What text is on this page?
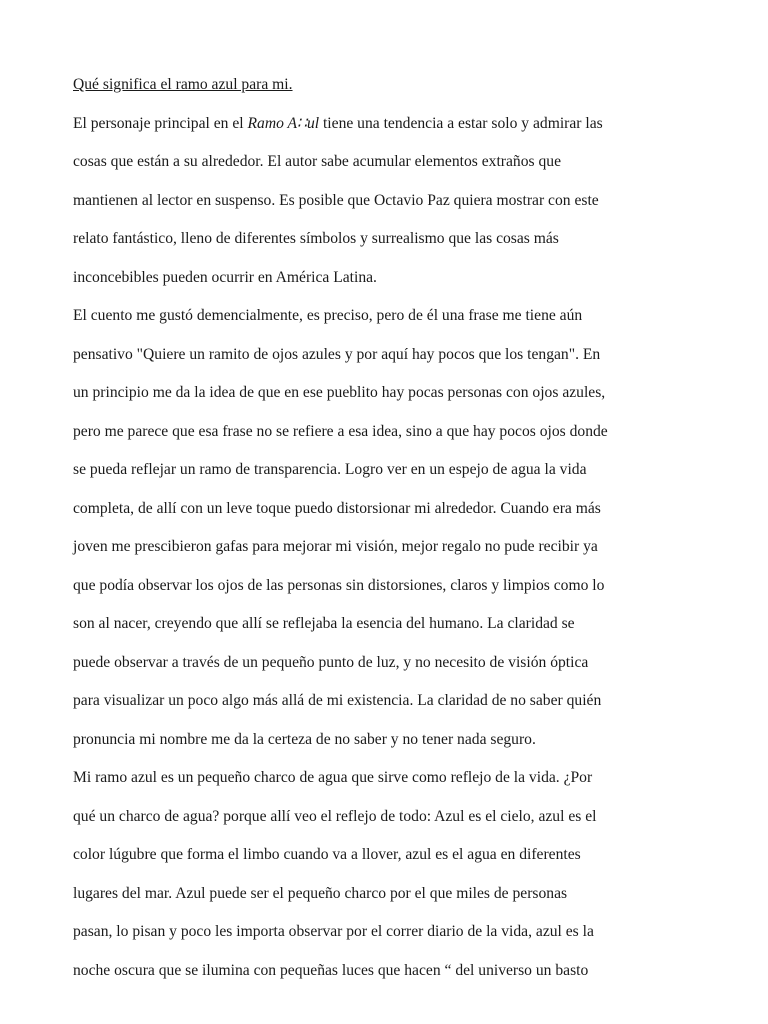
Qué significa el ramo azul para mi.
El personaje principal en el Ramo A∷ul tiene una tendencia a estar solo y admirar las
cosas que están a su alrededor. El autor sabe acumular elementos extraños que
mantienen al lector en suspenso. Es posible que Octavio Paz quiera mostrar con este
relato fantástico, lleno de diferentes símbolos y surrealismo que las cosas más
inconcebibles pueden ocurrir en América Latina.
El cuento me gustó demencialmente, es preciso, pero de él una frase me tiene aún
pensativo "Quiere un ramito de ojos azules y por aquí hay pocos que los tengan". En
un principio me da la idea de que en ese pueblito hay pocas personas con ojos azules,
pero me parece que esa frase no se refiere a esa idea, sino a que hay pocos ojos donde
se pueda reflejar un ramo de transparencia. Logro ver en un espejo de agua la vida
completa, de allí con un leve toque puedo distorsionar mi alrededor. Cuando era más
joven me prescibieron gafas para mejorar mi visión, mejor regalo no pude recibir ya
que podía observar los ojos de las personas sin distorsiones, claros y limpios como lo
son al nacer, creyendo que allí se reflejaba la esencia del humano. La claridad se
puede observar a través de un pequeño punto de luz, y no necesito de visión óptica
para visualizar un poco algo más allá de mi existencia. La claridad de no saber quién
pronuncia mi nombre me da la certeza de no saber y no tener nada seguro.
Mi ramo azul es un pequeño charco de agua que sirve como reflejo de la vida. ¿Por
qué un charco de agua? porque allí veo el reflejo de todo: Azul es el cielo, azul es el
color lúgubre que forma el limbo cuando va a llover, azul es el agua en diferentes
lugares del mar. Azul puede ser el pequeño charco por el que miles de personas
pasan, lo pisan y poco les importa observar por el correr diario de la vida, azul es la
noche oscura que se ilumina con pequeñas luces que hacen “ del universo un basto
